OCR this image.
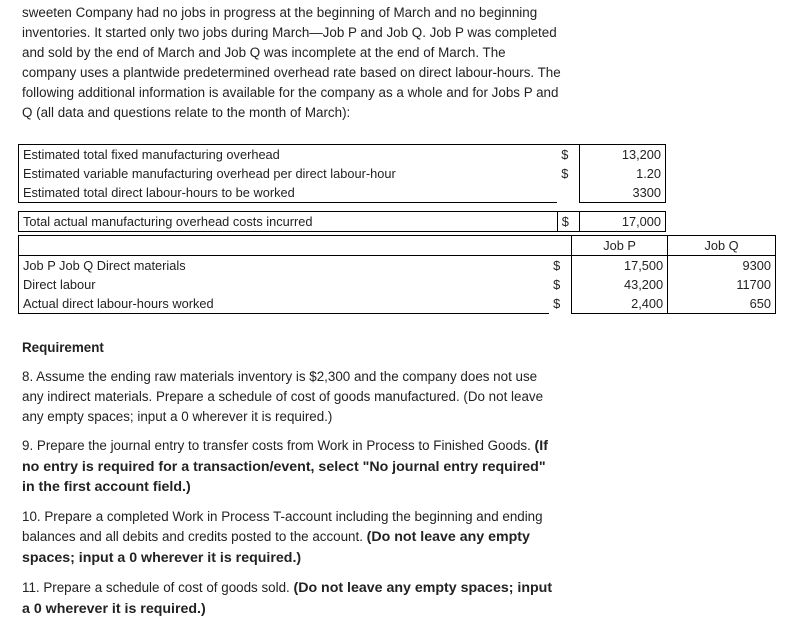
sweeten Company had no jobs in progress at the beginning of March and no beginning inventories. It started only two jobs during March—Job P and Job Q. Job P was completed and sold by the end of March and Job Q was incomplete at the end of March. The company uses a plantwide predetermined overhead rate based on direct labour-hours. The following additional information is available for the company as a whole and for Jobs P and Q (all data and questions relate to the month of March):

Estimated total fixed manufacturing overhead	$	13,200
Estimated variable manufacturing overhead per direct labour-hour	$	1.20
Estimated total direct labour-hours to be worked		3300

Total actual manufacturing overhead costs incurred	$	17,000
		Job P	Job Q
Job P Job Q Direct materials	$	17,500	9300
Direct labour	$	43,200	11700
Actual direct labour-hours worked	$	2,400	650

Requirement

8. Assume the ending raw materials inventory is $2,300 and the company does not use any indirect materials. Prepare a schedule of cost of goods manufactured. (Do not leave any empty spaces; input a 0 wherever it is required.)

9. Prepare the journal entry to transfer costs from Work in Process to Finished Goods. (If no entry is required for a transaction/event, select "No journal entry required" in the first account field.)

10. Prepare a completed Work in Process T-account including the beginning and ending balances and all debits and credits posted to the account. (Do not leave any empty spaces; input a 0 wherever it is required.)

11. Prepare a schedule of cost of goods sold. (Do not leave any empty spaces; input a 0 wherever it is required.)
